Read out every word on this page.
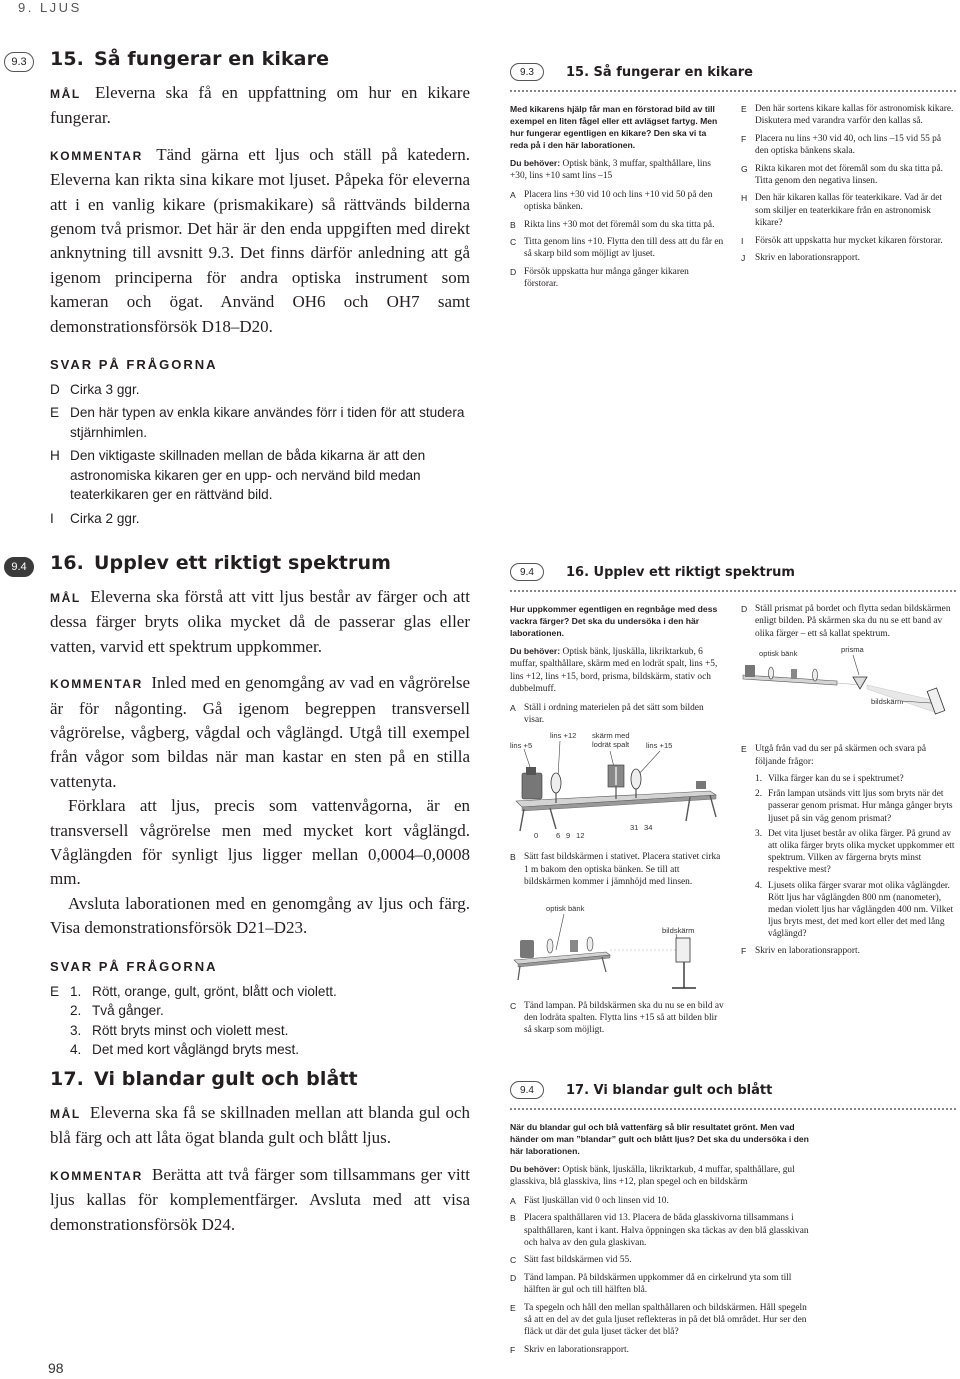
9. LJUS
9.3	15. Så fungerar en kikare
MÅL Eleverna ska få en uppfattning om hur en kikare fungerar.
KOMMENTAR Tänd gärna ett ljus och ställ på katedern. Eleverna kan rikta sina kikare mot ljuset. Påpeka för eleverna att i en vanlig kikare (prismakikare) så rättvänds bilderna genom två prismor. Det här är den enda uppgiften med direkt anknytning till avsnitt 9.3. Det finns därför anledning att gå igenom principerna för andra optiska instrument som kameran och ögat. Använd OH6 och OH7 samt demonstrationsförsök D18–D20.
SVAR PÅ FRÅGORNA
D Cirka 3 ggr.
E Den här typen av enkla kikare användes förr i tiden för att studera stjärnhimlen.
H Den viktigaste skillnaden mellan de båda kikarna är att den astronomiska kikaren ger en upp- och nervänd bild medan teaterkikaren ger en rättvänd bild.
I	Cirka 2 ggr.
9.4	16. Upplev ett riktigt spektrum
MÅL Eleverna ska förstå att vitt ljus består av färger och att dessa färger bryts olika mycket då de passerar glas eller vatten, varvid ett spektrum uppkommer.
KOMMENTAR Inled med en genomgång av vad en vågrörelse är för någonting. Gå igenom begreppen transversell vågrörelse, vågberg, vågdal och våglängd. Utgå till exempel från vågor som bildas när man kastar en sten på en stilla vattenyta.
Förklara att ljus, precis som vattenvågorna, är en transversell vågrörelse men med mycket kort våglängd. Våglängden för synligt ljus ligger mellan 0,0004–0,0008 mm.
Avsluta laborationen med en genomgång av ljus och färg. Visa demonstrationsförsök D21–D23.
SVAR PÅ FRÅGORNA
E 1. Rött, orange, gult, grönt, blått och violett.
2. Två gånger.
3. Rött bryts minst och violett mest.
4. Det med kort våglängd bryts mest.
17. Vi blandar gult och blått
MÅL Eleverna ska få se skillnaden mellan att blanda gul och blå färg och att låta ögat blanda gult och blått ljus.
KOMMENTAR Berätta att två färger som tillsammans ger vitt ljus kallas för komplementfärger. Avsluta med att visa demonstrationsförsök D24.
9.3	15. Så fungerar en kikare
Med kikarens hjälp får man en förstorad bild av till exempel en liten fågel eller ett avlägset fartyg. Men hur fungerar egentligen en kikare? Den ska vi ta reda på i den här laborationen.
Du behöver: Optisk bänk, 3 muffar, spalthållare, lins +30, lins +10 samt lins –15
A Placera lins +30 vid 10 och lins +10 vid 50 på den optiska bänken.
B Rikta lins +30 mot det föremål som du ska titta på.
C Titta genom lins +10. Flytta den till dess att du får en så skarp bild som möjligt av ljuset.
D Försök uppskatta hur många gånger kikaren förstorar.
E Den här sortens kikare kallas för astronomisk kikare. Diskutera med varandra varför den kallas så.
F Placera nu lins +30 vid 40, och lins –15 vid 55 på den optiska bänkens skala.
G Rikta kikaren mot det föremål som du ska titta på. Titta genom den negativa linsen.
H Den här kikaren kallas för teaterkikare. Vad är det som skiljer en teaterkikare från en astronomisk kikare?
I	Försök att uppskatta hur mycket kikaren förstorar.
J	Skriv en laborationsrapport.
9.4	16. Upplev ett riktigt spektrum
Hur uppkommer egentligen en regnbåge med dess vackra färger? Det ska du undersöka i den här laborationen.
Du behöver: Optisk bänk, ljuskälla, likriktarkub, 6 muffar, spalthållare, skärm med en lodrät spalt, lins +5, lins +12, lins +15, bord, prisma, bildskärm, stativ och dubbelmuff.
A Ställ i ordning materielen på det sätt som bilden visar.
lins +12 skärm med lodrät spalt
lins +5	lins +15
0 6 9 12
31 34
B Sätt fast bildskärmen i stativet. Placera stativet cirka 1 m bakom den optiska bänken. Se till att bildskärmen kommer i jämnhöjd med linsen.
optisk bänk
bildskärm
C Tänd lampan. På bildskärmen ska du nu se en bild av den lodräta spalten. Flytta lins +15 så att bilden blir så skarp som möjligt.
D Ställ prismat på bordet och flytta sedan bildskärmen enligt bilden. På skärmen ska du nu se ett band av olika färger – ett så kallat spektrum.
optisk bänk	prisma
bildskärm
E Utgå från vad du ser på skärmen och svara på följande frågor:
1. Vilka färger kan du se i spektrumet?
2. Från lampan utsänds vitt ljus som bryts när det passerar genom prismat. Hur många gånger bryts ljuset på sin väg genom prismat?
3. Det vita ljuset består av olika färger. På grund av att olika färger bryts olika mycket uppkommer ett spektrum. Vilken av färgerna bryts minst respektive mest?
4. Ljusets olika färger svarar mot olika våglängder. Rött ljus har våglängden 800 nm (nanometer), medan violett ljus har våglängden 400 nm. Vilket ljus bryts mest, det med kort eller det med lång våglängd?
F Skriv en laborationsrapport.
9.4	17. Vi blandar gult och blått
När du blandar gul och blå vattenfärg så blir resultatet grönt. Men vad händer om man ”blandar” gult och blått ljus? Det ska du undersöka i den här laborationen.
Du behöver: Optisk bänk, ljuskälla, likriktarkub, 4 muffar, spalthållare, gul glasskiva, blå glasskiva, lins +12, plan spegel och en bildskärm
A Fäst ljuskällan vid 0 och linsen vid 10.
B Placera spalthållaren vid 13. Placera de båda glasskivorna tillsammans i spalthållaren, kant i kant. Halva öppningen ska täckas av den blå glasskivan och halva av den gula glaskivan.
C Sätt fast bildskärmen vid 55.
D Tänd lampan. På bildskärmen uppkommer då en cirkelrund yta som till hälften är gul och till hälften blå.
E Ta spegeln och håll den mellan spalthållaren och bildskärmen. Håll spegeln så att en del av det gula ljuset reflekteras in på det blå området. Hur ser den fläck ut där det gula ljuset täcker det blå?
F Skriv en laborationsrapport.
98
